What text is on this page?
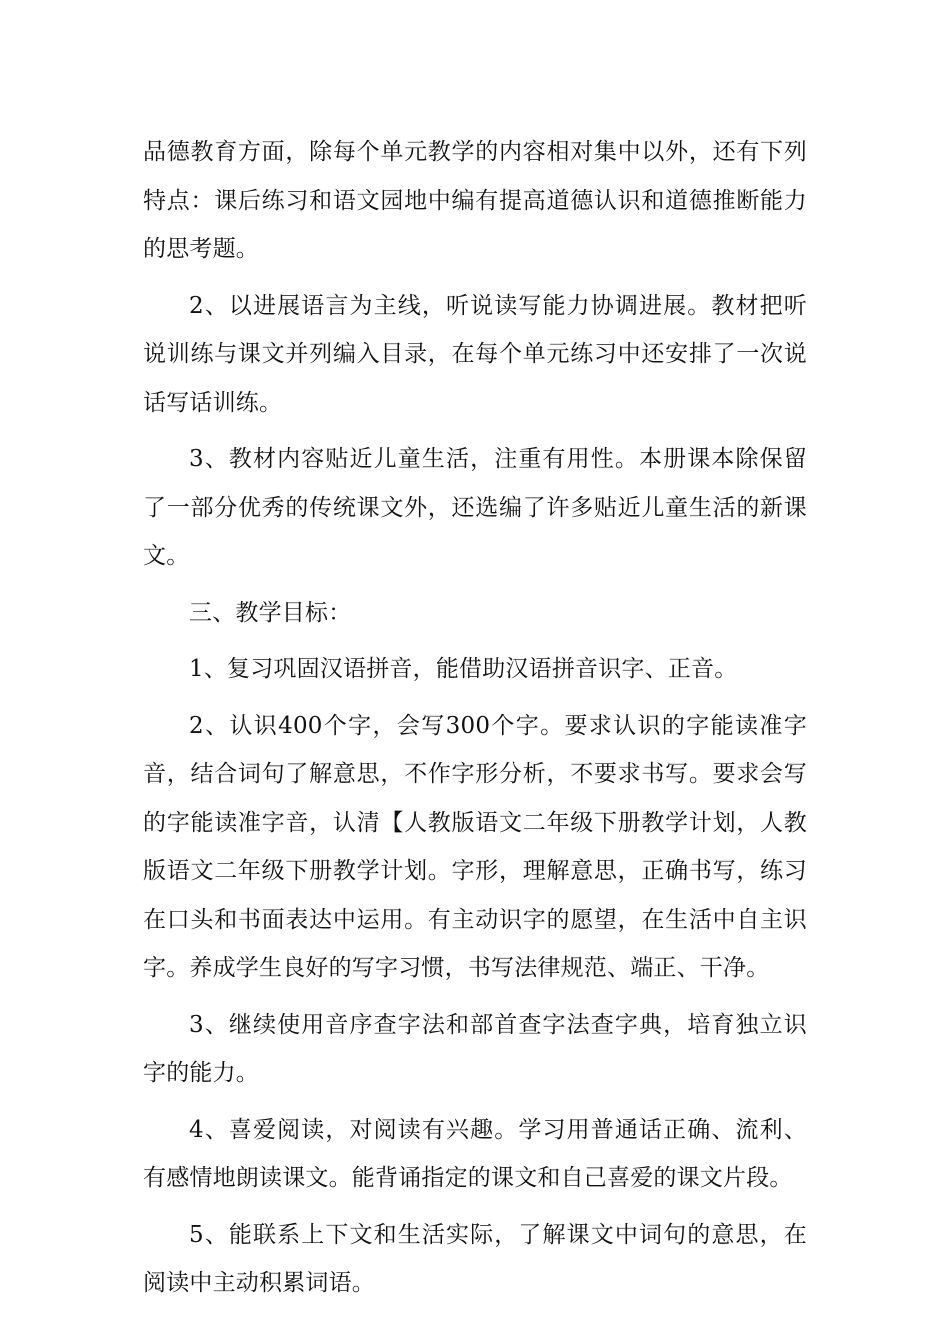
品德教育方面，除每个单元教学的内容相对集中以外，还有下列特点：课后练习和语文园地中编有提高道德认识和道德推断能力的思考题。

2、以进展语言为主线，听说读写能力协调进展。教材把听说训练与课文并列编入目录，在每个单元练习中还安排了一次说话写话训练。

3、教材内容贴近儿童生活，注重有用性。本册课本除保留了一部分优秀的传统课文外，还选编了许多贴近儿童生活的新课文。

三、教学目标：

1、复习巩固汉语拼音，能借助汉语拼音识字、正音。

2、认识400个字，会写300个字。要求认识的字能读准字音，结合词句了解意思，不作字形分析，不要求书写。要求会写的字能读准字音，认清【人教版语文二年级下册教学计划，人教版语文二年级下册教学计划。字形，理解意思，正确书写，练习在口头和书面表达中运用。有主动识字的愿望，在生活中自主识字。养成学生良好的写字习惯，书写法律规范、端正、干净。

3、继续使用音序查字法和部首查字法查字典，培育独立识字的能力。

4、喜爱阅读，对阅读有兴趣。学习用普通话正确、流利、有感情地朗读课文。能背诵指定的课文和自己喜爱的课文片段。

5、能联系上下文和生活实际，了解课文中词句的意思，在阅读中主动积累词语。
